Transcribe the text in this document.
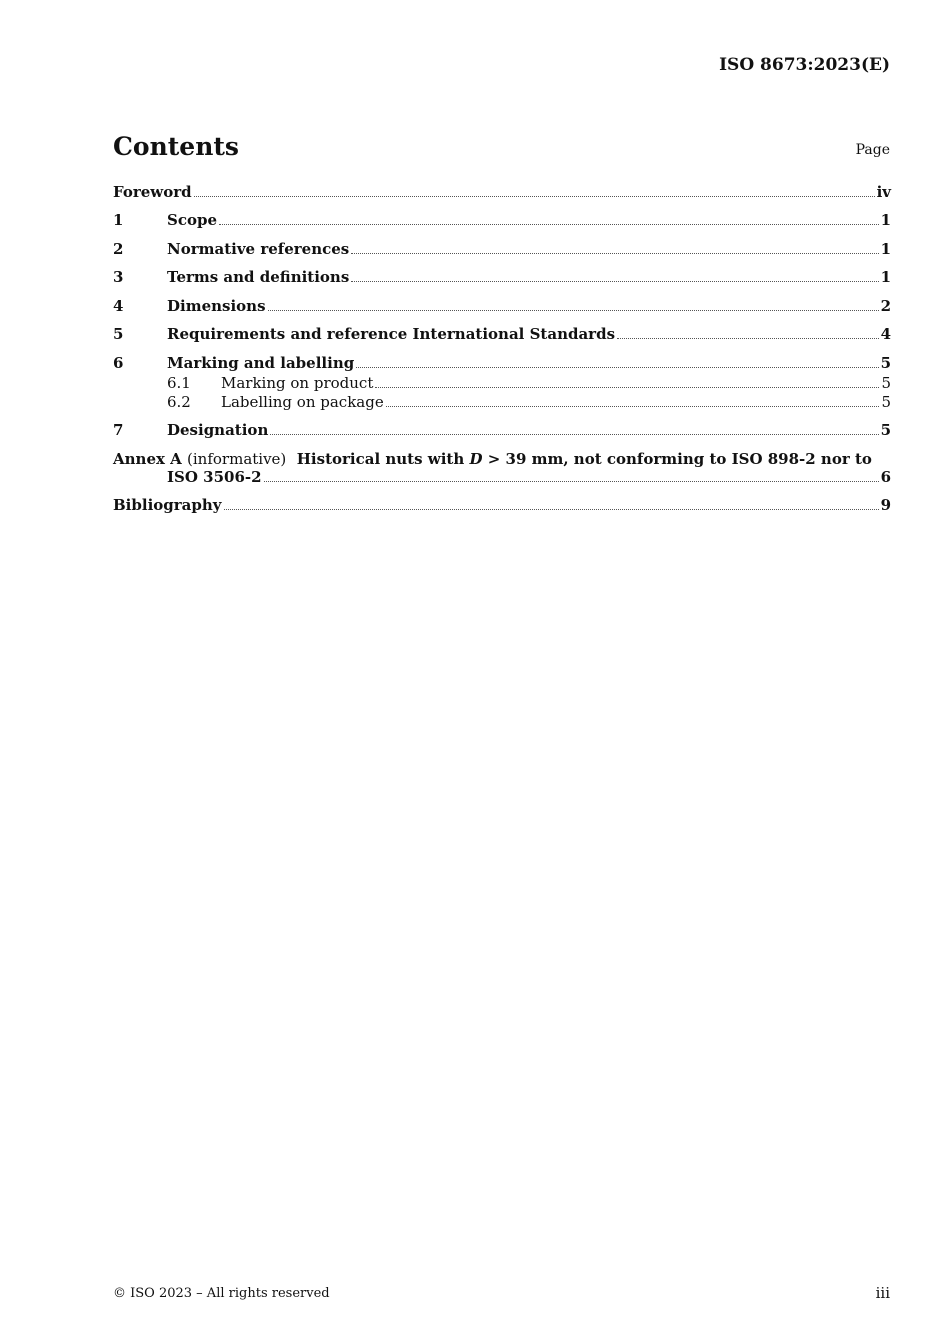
ISO 8673:2023(E)
Contents	Page
Foreword	iv
1	Scope	1
2	Normative references	1
3	Terms and definitions	1
4	Dimensions	2
5	Requirements and reference International Standards	4
6	Marking and labelling	5
6.1	Marking on product	5
6.2	Labelling on package	5
7	Designation	5
Annex A (informative) Historical nuts with D > 39 mm, not conforming to ISO 898-2 nor to
ISO 3506-2	6
Bibliography	9
© ISO 2023 – All rights reserved	iii
